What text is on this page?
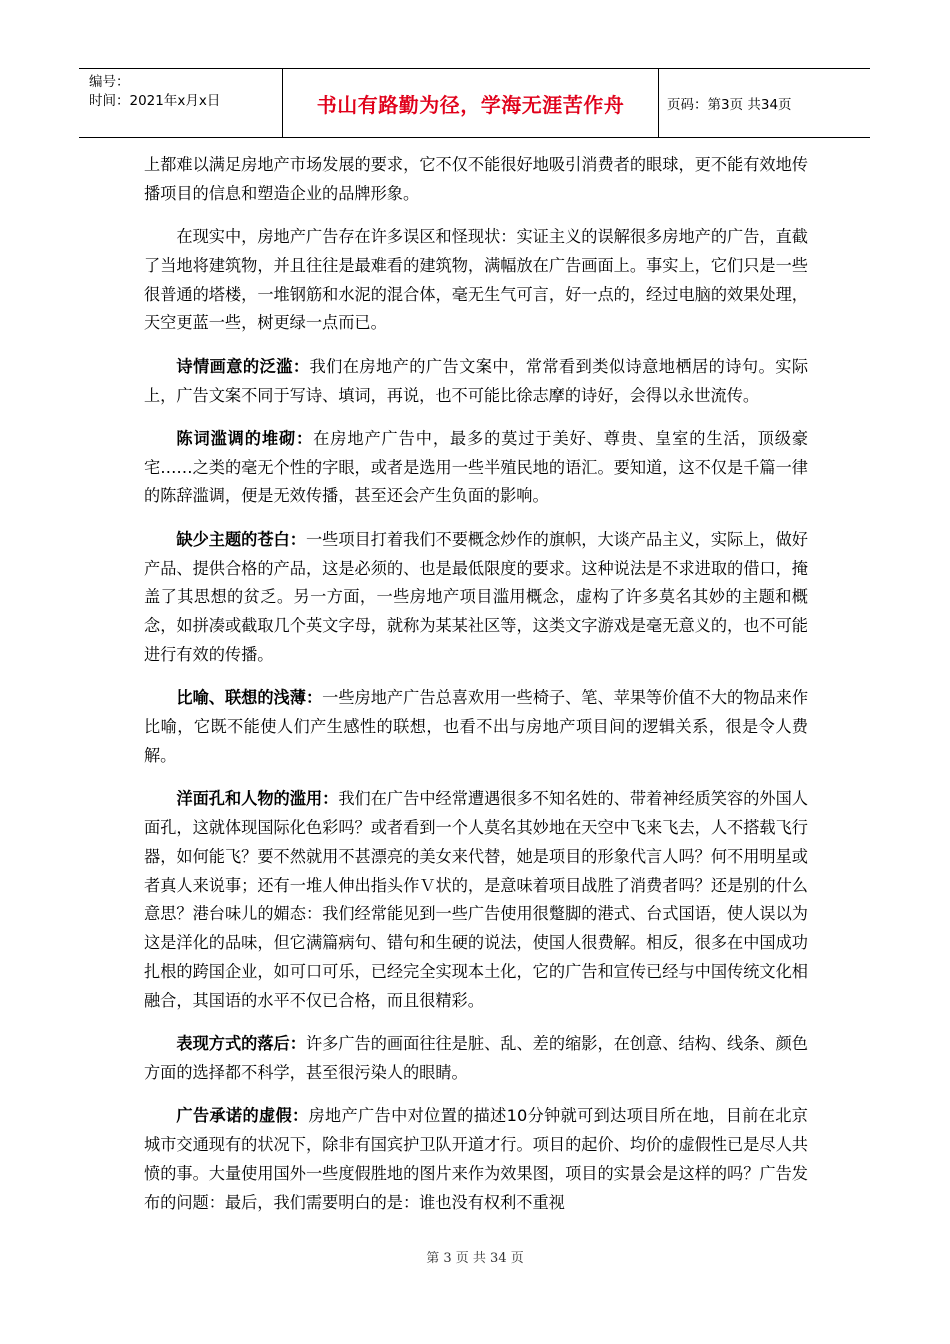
编号：
时间：2021年x月x日	书山有路勤为径，学海无涯苦作舟	页码：第3页 共34页

上都难以满足房地产市场发展的要求，它不仅不能很好地吸引消费者的眼球，更不能有效地传播项目的信息和塑造企业的品牌形象。

在现实中，房地产广告存在许多误区和怪现状：实证主义的误解很多房地产的广告，直截了当地将建筑物，并且往往是最难看的建筑物，满幅放在广告画面上。事实上，它们只是一些很普通的塔楼，一堆钢筋和水泥的混合体，毫无生气可言，好一点的，经过电脑的效果处理，天空更蓝一些，树更绿一点而已。

诗情画意的泛滥：我们在房地产的广告文案中，常常看到类似诗意地栖居的诗句。实际上，广告文案不同于写诗、填词，再说，也不可能比徐志摩的诗好，会得以永世流传。

陈词滥调的堆砌：在房地产广告中，最多的莫过于美好、尊贵、皇室的生活，顶级豪宅……之类的毫无个性的字眼，或者是选用一些半殖民地的语汇。要知道，这不仅是千篇一律的陈辞滥调，便是无效传播，甚至还会产生负面的影响。

缺少主题的苍白：一些项目打着我们不要概念炒作的旗帜，大谈产品主义，实际上，做好产品、提供合格的产品，这是必须的、也是最低限度的要求。这种说法是不求进取的借口，掩盖了其思想的贫乏。另一方面，一些房地产项目滥用概念，虚构了许多莫名其妙的主题和概念，如拼凑或截取几个英文字母，就称为某某社区等，这类文字游戏是毫无意义的，也不可能进行有效的传播。

比喻、联想的浅薄：一些房地产广告总喜欢用一些椅子、笔、苹果等价值不大的物品来作比喻，它既不能使人们产生感性的联想，也看不出与房地产项目间的逻辑关系，很是令人费解。

洋面孔和人物的滥用：我们在广告中经常遭遇很多不知名姓的、带着神经质笑容的外国人面孔，这就体现国际化色彩吗？或者看到一个人莫名其妙地在天空中飞来飞去，人不搭载飞行器，如何能飞？要不然就用不甚漂亮的美女来代替，她是项目的形象代言人吗？何不用明星或者真人来说事；还有一堆人伸出指头作Ｖ状的，是意味着项目战胜了消费者吗？还是别的什么意思？港台味儿的媚态：我们经常能见到一些广告使用很蹩脚的港式、台式国语，使人误以为这是洋化的品味，但它满篇病句、错句和生硬的说法，使国人很费解。相反，很多在中国成功扎根的跨国企业，如可口可乐，已经完全实现本土化，它的广告和宣传已经与中国传统文化相融合，其国语的水平不仅已合格，而且很精彩。

表现方式的落后：许多广告的画面往往是脏、乱、差的缩影，在创意、结构、线条、颜色方面的选择都不科学，甚至很污染人的眼睛。

广告承诺的虚假：房地产广告中对位置的描述10分钟就可到达项目所在地，目前在北京城市交通现有的状况下，除非有国宾护卫队开道才行。项目的起价、均价的虚假性已是尽人共愤的事。大量使用国外一些度假胜地的图片来作为效果图，项目的实景会是这样的吗？广告发布的问题：最后，我们需要明白的是：谁也没有权利不重视

第 3 页 共 34 页
